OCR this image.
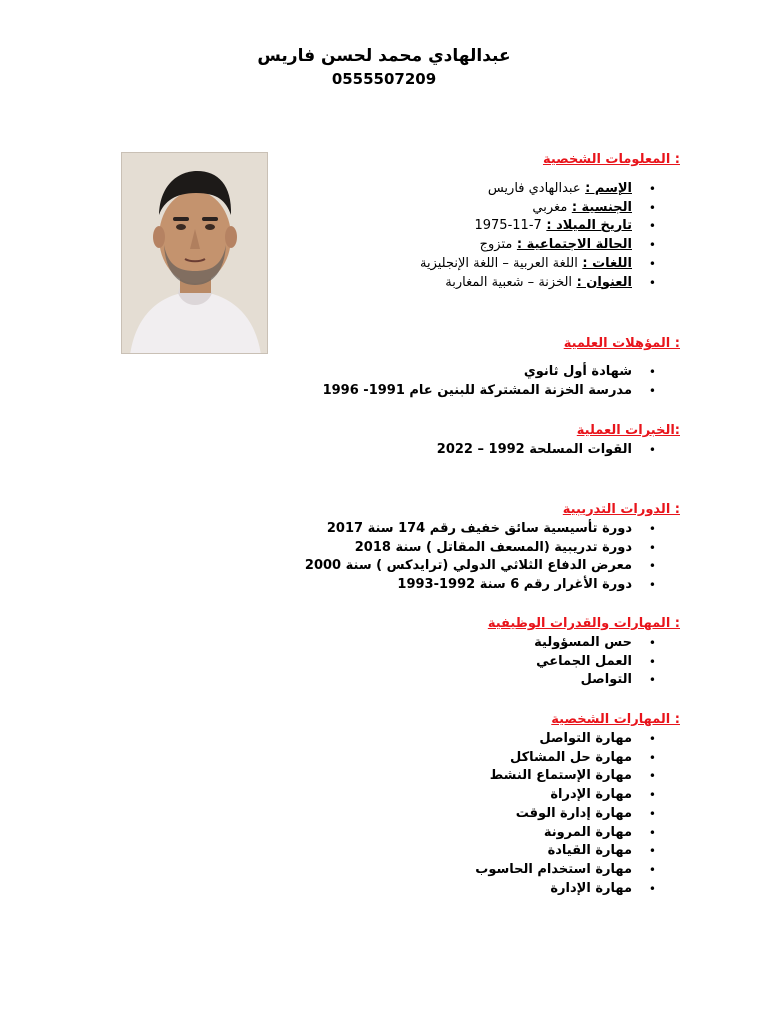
عبدالهادي محمد لحسن فاريس
0555507209
: المعلومات الشخصية
• الإسم : عبدالهادي فاريس
• الجنسية : مغربي
• تاريخ الميلاد : 7-11-1975
• الحالة الاجتماعية : متزوج
• اللغات : اللغة العربية – اللغة الإنجليزية
• العنوان : الخزنة – شعبية المغاربة
: المؤهلات العلمية
• شهادة أول ثانوي
• مدرسة الخزنة المشتركة للبنين عام 1991- 1996
:الخبرات العملية
• القوات المسلحة 1992 – 2022
: الدورات التدريبية
• دورة تأسيسية سائق خفيف رقم 174 سنة 2017
• دورة تدريبية (المسعف المقاتل ) سنة 2018
• معرض الدفاع الثلاثي الدولي (ترايدكس ) سنة 2000
• دورة الأغرار رقم 6 سنة 1992-1993
: المهارات والقدرات الوظيفية
• حس المسؤولية
• العمل الجماعي
• التواصل
: المهارات الشخصية
• مهارة التواصل
• مهارة حل المشاكل
• مهارة الإستماع النشط
• مهارة الإدراة
• مهارة إدارة الوقت
• مهارة المرونة
• مهارة القيادة
• مهارة استخدام الحاسوب
• مهارة الإدارة
